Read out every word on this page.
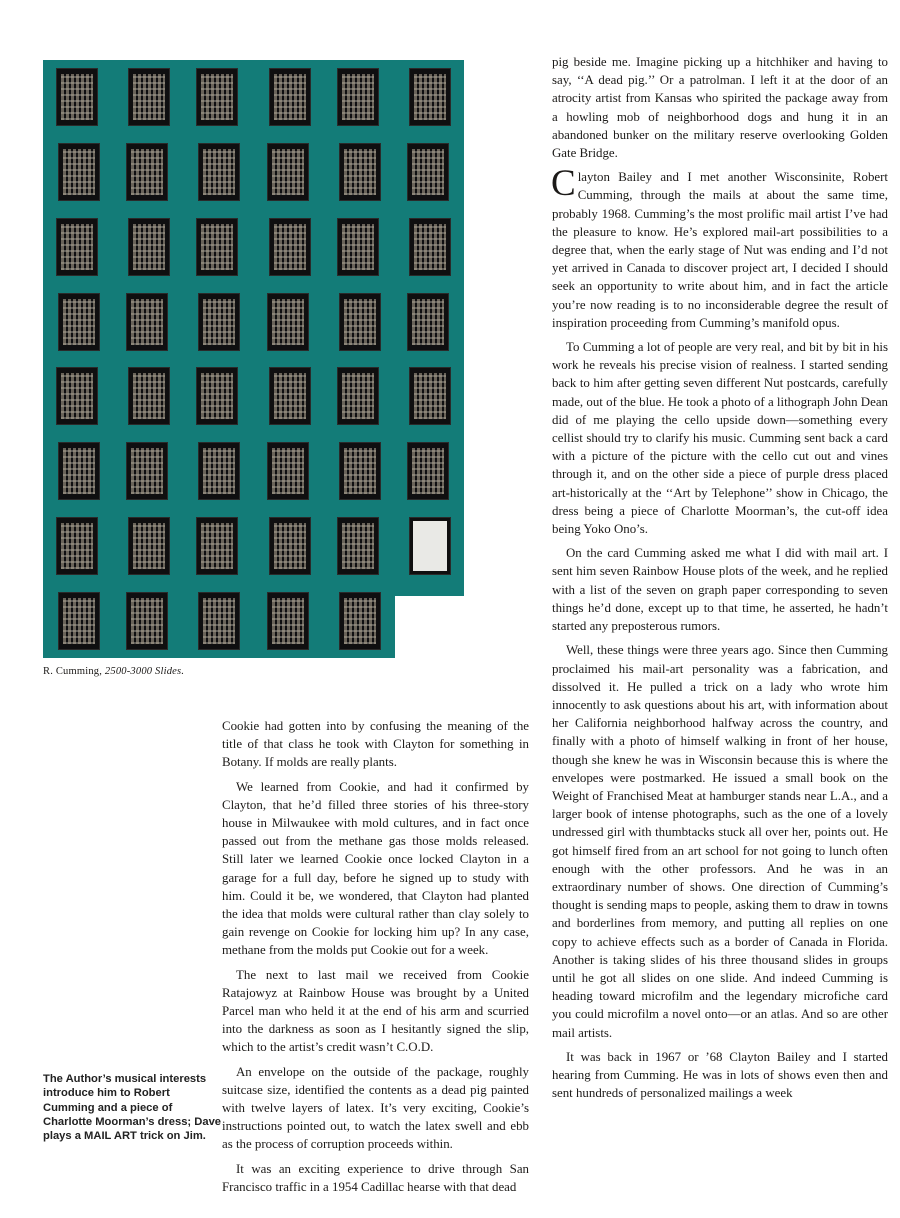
R. Cumming, 2500-3000 Slides.
The Author’s musical interests introduce him to Robert Cumming and a piece of Charlotte Moorman’s dress; Dave plays a MAIL ART trick on Jim.

Cookie had gotten into by confusing the meaning of the title of that class he took with Clayton for something in Botany. If molds are really plants.

We learned from Cookie, and had it confirmed by Clayton, that he’d filled three stories of his three-story house in Milwaukee with mold cultures, and in fact once passed out from the methane gas those molds released. Still later we learned Cookie once locked Clayton in a garage for a full day, before he signed up to study with him. Could it be, we wondered, that Clayton had planted the idea that molds were cultural rather than clay solely to gain revenge on Cookie for locking him up? In any case, methane from the molds put Cookie out for a week.

The next to last mail we received from Cookie Ratajowyz at Rainbow House was brought by a United Parcel man who held it at the end of his arm and scurried into the darkness as soon as I hesitantly signed the slip, which to the artist’s credit wasn’t C.O.D.

An envelope on the outside of the package, roughly suitcase size, identified the contents as a dead pig painted with twelve layers of latex. It’s very exciting, Cookie’s instructions pointed out, to watch the latex swell and ebb as the process of corruption proceeds within.

It was an exciting experience to drive through San Francisco traffic in a 1954 Cadillac hearse with that dead

pig beside me. Imagine picking up a hitchhiker and having to say, ‘‘A dead pig.’’ Or a patrolman. I left it at the door of an atrocity artist from Kansas who spirited the package away from a howling mob of neighborhood dogs and hung it in an abandoned bunker on the military reserve overlooking Golden Gate Bridge.

Clayton Bailey and I met another Wisconsinite, Robert Cumming, through the mails at about the same time, probably 1968. Cumming’s the most prolific mail artist I’ve had the pleasure to know. He’s explored mail-art possibilities to a degree that, when the early stage of Nut was ending and I’d not yet arrived in Canada to discover project art, I decided I should seek an opportunity to write about him, and in fact the article you’re now reading is to no inconsiderable degree the result of inspiration proceeding from Cumming’s manifold opus.

To Cumming a lot of people are very real, and bit by bit in his work he reveals his precise vision of realness. I started sending back to him after getting seven different Nut postcards, carefully made, out of the blue. He took a photo of a lithograph John Dean did of me playing the cello upside down—something every cellist should try to clarify his music. Cumming sent back a card with a picture of the picture with the cello cut out and vines through it, and on the other side a piece of purple dress placed art-historically at the ‘‘Art by Telephone’’ show in Chicago, the dress being a piece of Charlotte Moorman’s, the cut-off idea being Yoko Ono’s.

On the card Cumming asked me what I did with mail art. I sent him seven Rainbow House plots of the week, and he replied with a list of the seven on graph paper corresponding to seven things he’d done, except up to that time, he asserted, he hadn’t started any preposterous rumors.

Well, these things were three years ago. Since then Cumming proclaimed his mail-art personality was a fabrication, and dissolved it. He pulled a trick on a lady who wrote him innocently to ask questions about his art, with information about her California neighborhood halfway across the country, and finally with a photo of himself walking in front of her house, though she knew he was in Wisconsin because this is where the envelopes were postmarked. He issued a small book on the Weight of Franchised Meat at hamburger stands near L.A., and a larger book of intense photographs, such as the one of a lovely undressed girl with thumbtacks stuck all over her, points out. He got himself fired from an art school for not going to lunch often enough with the other professors. And he was in an extraordinary number of shows. One direction of Cumming’s thought is sending maps to people, asking them to draw in towns and borderlines from memory, and putting all replies on one copy to achieve effects such as a border of Canada in Florida. Another is taking slides of his three thousand slides in groups until he got all slides on one slide. And indeed Cumming is heading toward microfilm and the legendary microfiche card you could microfilm a novel onto—or an atlas. And so are other mail artists.

It was back in 1967 or ’68 Clayton Bailey and I started hearing from Cumming. He was in lots of shows even then and sent hundreds of personalized mailings a week
